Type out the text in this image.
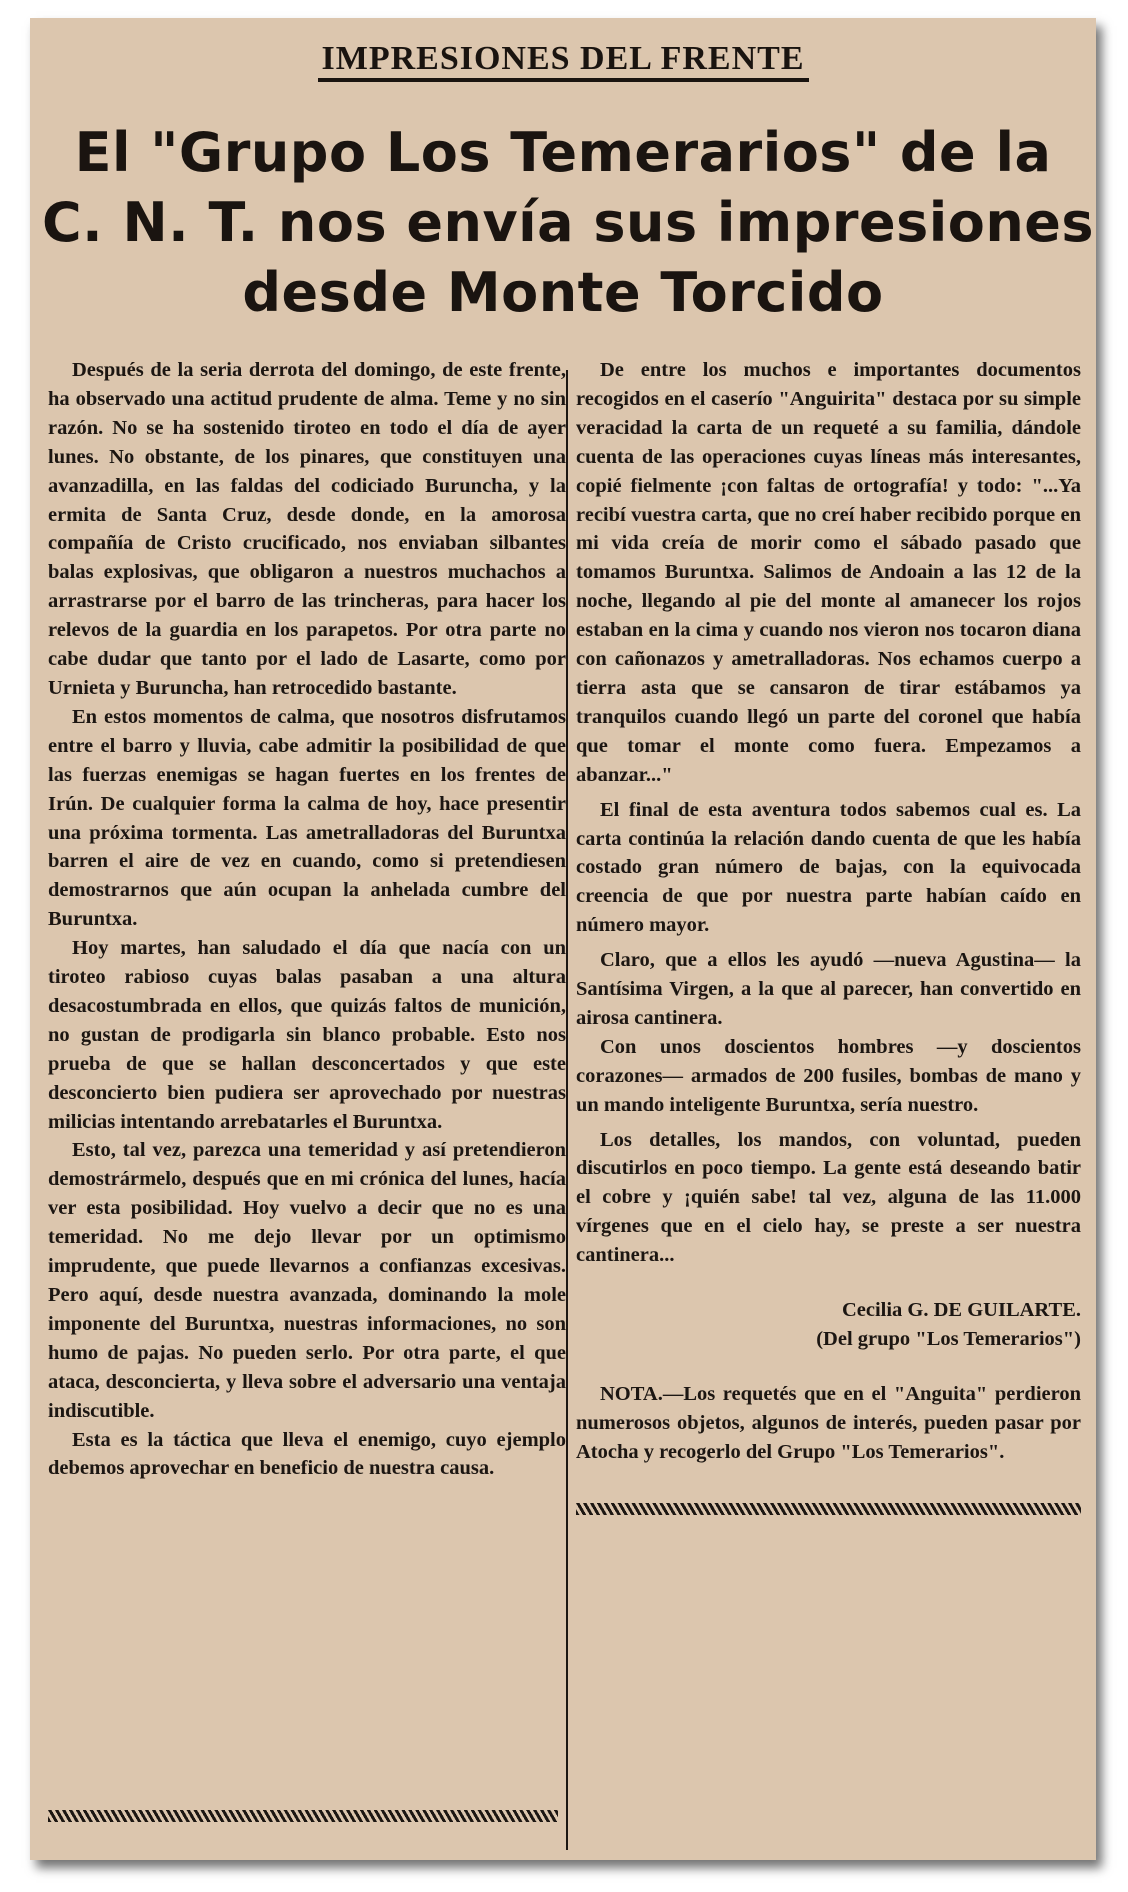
IMPRESIONES DEL FRENTE
El "Grupo Los Temerarios" de la
C. N. T. nos envía sus impresiones
desde Monte Torcido

Después de la seria derrota del domingo, de este frente, ha observado una actitud prudente de alma. Teme y no sin razón. No se ha sostenido tiroteo en todo el día de ayer lunes. No obstante, de los pinares, que constituyen una avanzadilla, en las faldas del codiciado Buruncha, y la ermita de Santa Cruz, desde donde, en la amorosa compañía de Cristo crucificado, nos enviaban silbantes balas explosivas, que obligaron a nuestros muchachos a arrastrarse por el barro de las trincheras, para hacer los relevos de la guardia en los parapetos. Por otra parte no cabe dudar que tanto por el lado de Lasarte, como por Urnieta y Buruncha, han retrocedido bastante.

En estos momentos de calma, que nosotros disfrutamos entre el barro y lluvia, cabe admitir la posibilidad de que las fuerzas enemigas se hagan fuertes en los frentes de Irún. De cualquier forma la calma de hoy, hace presentir una próxima tormenta. Las ametralladoras del Buruntxa barren el aire de vez en cuando, como si pretendiesen demostrarnos que aún ocupan la anhelada cumbre del Buruntxa.

Hoy martes, han saludado el día que nacía con un tiroteo rabioso cuyas balas pasaban a una altura desacostumbrada en ellos, que quizás faltos de munición, no gustan de prodigarla sin blanco probable. Esto nos prueba de que se hallan desconcertados y que este desconcierto bien pudiera ser aprovechado por nuestras milicias intentando arrebatarles el Buruntxa.

Esto, tal vez, parezca una temeridad y así pretendieron demostrármelo, después que en mi crónica del lunes, hacía ver esta posibilidad. Hoy vuelvo a decir que no es una temeridad. No me dejo llevar por un optimismo imprudente, que puede llevarnos a confianzas excesivas. Pero aquí, desde nuestra avanzada, dominando la mole imponente del Buruntxa, nuestras informaciones, no son humo de pajas. No pueden serlo. Por otra parte, el que ataca, desconcierta, y lleva sobre el adversario una ventaja indiscutible.

Esta es la táctica que lleva el enemigo, cuyo ejemplo debemos aprovechar en beneficio de nuestra causa.

De entre los muchos e importantes documentos recogidos en el caserío "Anguirita" destaca por su simple veracidad la carta de un requeté a su familia, dándole cuenta de las operaciones cuyas líneas más interesantes, copié fielmente ¡con faltas de ortografía! y todo: "...Ya recibí vuestra carta, que no creí haber recibido porque en mi vida creía de morir como el sábado pasado que tomamos Buruntxa. Salimos de Andoain a las 12 de la noche, llegando al pie del monte al amanecer los rojos estaban en la cima y cuando nos vieron nos tocaron diana con cañonazos y ametralladoras. Nos echamos cuerpo a tierra asta que se cansaron de tirar estábamos ya tranquilos cuando llegó un parte del coronel que había que tomar el monte como fuera. Empezamos a abanzar..."

El final de esta aventura todos sabemos cual es. La carta continúa la relación dando cuenta de que les había costado gran número de bajas, con la equivocada creencia de que por nuestra parte habían caído en número mayor.

Claro, que a ellos les ayudó —nueva Agustina— la Santísima Virgen, a la que al parecer, han convertido en airosa cantinera.

Con unos doscientos hombres —y doscientos corazones— armados de 200 fusiles, bombas de mano y un mando inteligente Buruntxa, sería nuestro.

Los detalles, los mandos, con voluntad, pueden discutirlos en poco tiempo. La gente está deseando batir el cobre y ¡quién sabe! tal vez, alguna de las 11.000 vírgenes que en el cielo hay, se preste a ser nuestra cantinera...

Cecilia G. DE GUILARTE.
(Del grupo "Los Temerarios")

NOTA.—Los requetés que en el "Anguita" perdieron numerosos objetos, algunos de interés, pueden pasar por Atocha y recogerlo del Grupo "Los Temerarios".
